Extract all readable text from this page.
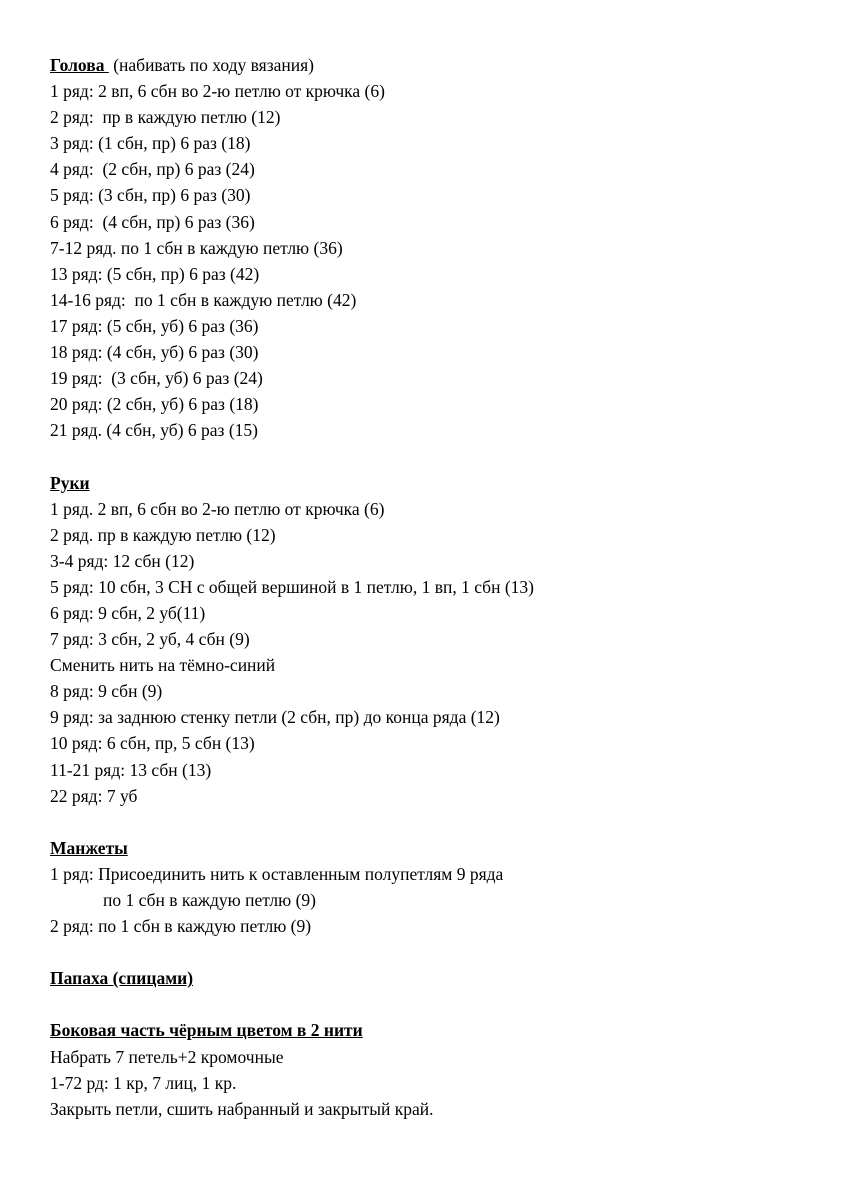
Голова  (набивать по ходу вязания)
1 ряд: 2 вп, 6 сбн во 2-ю петлю от крючка (6)
2 ряд:  пр в каждую петлю (12)
3 ряд: (1 сбн, пр) 6 раз (18)
4 ряд:  (2 сбн, пр) 6 раз (24)
5 ряд: (3 сбн, пр) 6 раз (30)
6 ряд:  (4 сбн, пр) 6 раз (36)
7-12 ряд. по 1 сбн в каждую петлю (36)
13 ряд: (5 сбн, пр) 6 раз (42)
14-16 ряд:  по 1 сбн в каждую петлю (42)
17 ряд: (5 сбн, уб) 6 раз (36)
18 ряд: (4 сбн, уб) 6 раз (30)
19 ряд:  (3 сбн, уб) 6 раз (24)
20 ряд: (2 сбн, уб) 6 раз (18)
21 ряд. (4 сбн, уб) 6 раз (15)
Руки
1 ряд. 2 вп, 6 сбн во 2-ю петлю от крючка (6)
2 ряд. пр в каждую петлю (12)
3-4 ряд: 12 сбн (12)
5 ряд: 10 сбн, 3 СН с общей вершиной в 1 петлю, 1 вп, 1 сбн (13)
6 ряд: 9 сбн, 2 уб(11)
7 ряд: 3 сбн, 2 уб, 4 сбн (9)
Сменить нить на тёмно-синий
8 ряд: 9 сбн (9)
9 ряд: за заднюю стенку петли (2 сбн, пр) до конца ряда (12)
10 ряд: 6 сбн, пр, 5 сбн (13)
11-21 ряд: 13 сбн (13)
22 ряд: 7 уб
Манжеты
1 ряд: Присоединить нить к оставленным полупетлям 9 ряда
по 1 сбн в каждую петлю (9)
2 ряд: по 1 сбн в каждую петлю (9)
Папаха (спицами)
Боковая часть чёрным цветом в 2 нити
Набрать 7 петель+2 кромочные
1-72 рд: 1 кр, 7 лиц, 1 кр.
Закрыть петли, сшить набранный и закрытый край.
